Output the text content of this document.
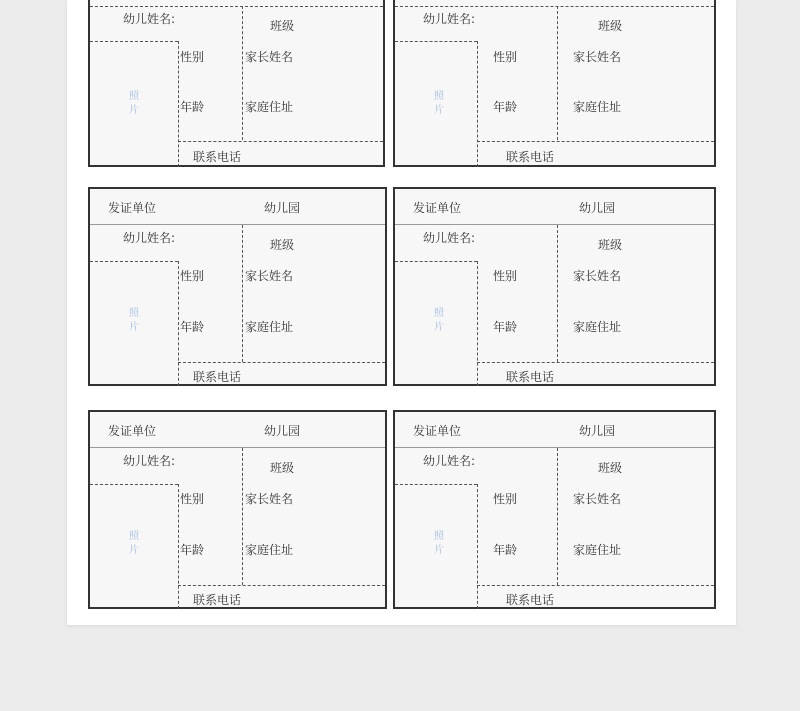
幼儿姓名:	班级
性别	家长姓名
年龄	家庭住址
照
片
联系电话
幼儿姓名:	班级
性别	家长姓名
年龄	家庭住址
照
片
联系电话
发证单位	幼儿园
幼儿姓名:	班级
性别	家长姓名
年龄	家庭住址
照
片
联系电话
发证单位	幼儿园
幼儿姓名:	班级
性别	家长姓名
年龄	家庭住址
照
片
联系电话
发证单位	幼儿园
幼儿姓名:	班级
性别	家长姓名
年龄	家庭住址
照
片
联系电话
发证单位	幼儿园
幼儿姓名:	班级
性别	家长姓名
年龄	家庭住址
照
片
联系电话
